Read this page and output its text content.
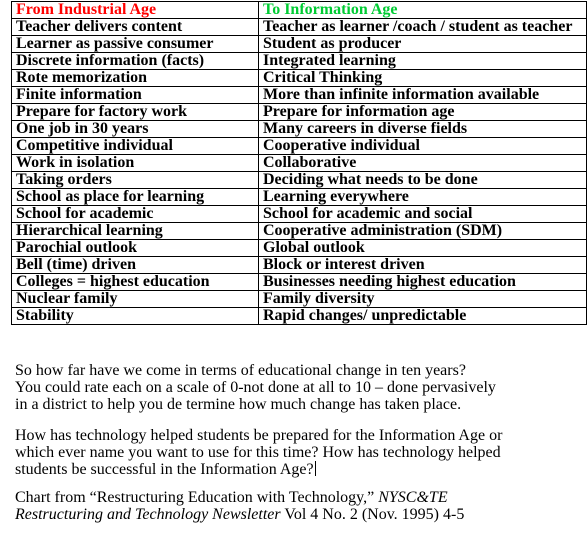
From Industrial Age	To Information Age
Teacher delivers content	Teacher as learner /coach / student as teacher
Learner as passive consumer	Student as producer
Discrete information (facts)	Integrated learning
Rote memorization	Critical Thinking
Finite information	More than infinite information available
Prepare for factory work	Prepare for information age
One job in 30 years	Many careers in diverse fields
Competitive individual	Cooperative individual
Work in isolation	Collaborative
Taking orders	Deciding what needs to be done
School as place for learning	Learning everywhere
School for academic	School for academic and social
Hierarchical learning	Cooperative administration (SDM)
Parochial outlook	Global outlook
Bell (time) driven	Block or interest driven
Colleges = highest education	Businesses needing highest education
Nuclear family	Family diversity
Stability	Rapid changes/ unpredictable
So how far have we come in terms of educational change in ten years?
You could rate each on a scale of 0-not done at all to 10 – done pervasively
in a district to help you de termine how much change has taken place.
How has technology helped students be prepared for the Information Age or
which ever name you want to use for this time? How has technology helped
students be successful in the Information Age?
Chart from “Restructuring Education with Technology,” NYSC&TE
Restructuring and Technology Newsletter Vol 4 No. 2 (Nov. 1995) 4-5
